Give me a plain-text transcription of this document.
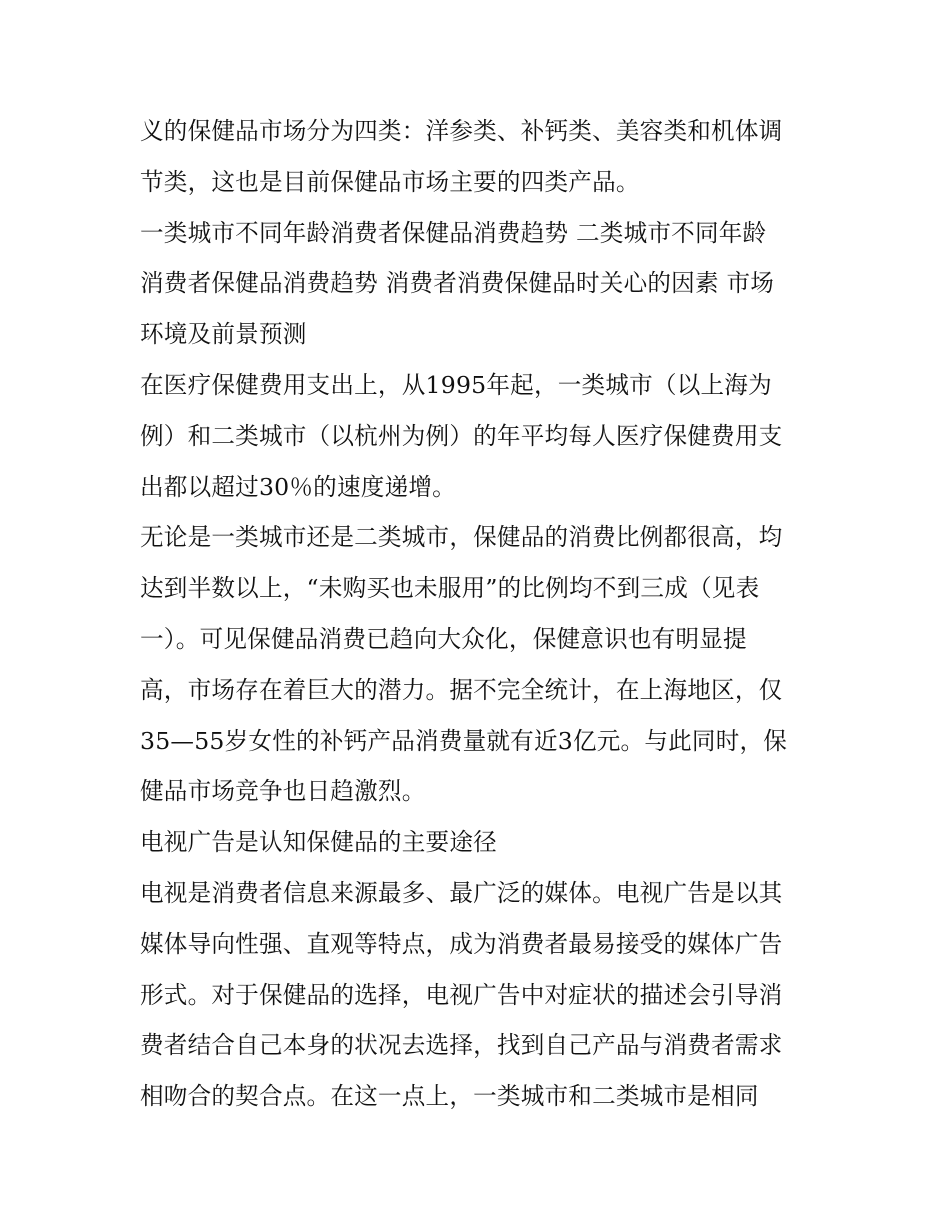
义的保健品市场分为四类：洋参类、补钙类、美容类和机体调
节类，这也是目前保健品市场主要的四类产品。
一类城市不同年龄消费者保健品消费趋势 二类城市不同年龄
消费者保健品消费趋势 消费者消费保健品时关心的因素 市场
环境及前景预测
在医疗保健费用支出上，从1995年起，一类城市（以上海为
例）和二类城市（以杭州为例）的年平均每人医疗保健费用支
出都以超过30％的速度递增。
无论是一类城市还是二类城市，保健品的消费比例都很高，均
达到半数以上，“未购买也未服用”的比例均不到三成（见表
一）。可见保健品消费已趋向大众化，保健意识也有明显提
高，市场存在着巨大的潜力。据不完全统计，在上海地区，仅
35—55岁女性的补钙产品消费量就有近3亿元。与此同时，保
健品市场竞争也日趋激烈。
电视广告是认知保健品的主要途径
电视是消费者信息来源最多、最广泛的媒体。电视广告是以其
媒体导向性强、直观等特点，成为消费者最易接受的媒体广告
形式。对于保健品的选择，电视广告中对症状的描述会引导消
费者结合自己本身的状况去选择，找到自己产品与消费者需求
相吻合的契合点。在这一点上，一类城市和二类城市是相同
